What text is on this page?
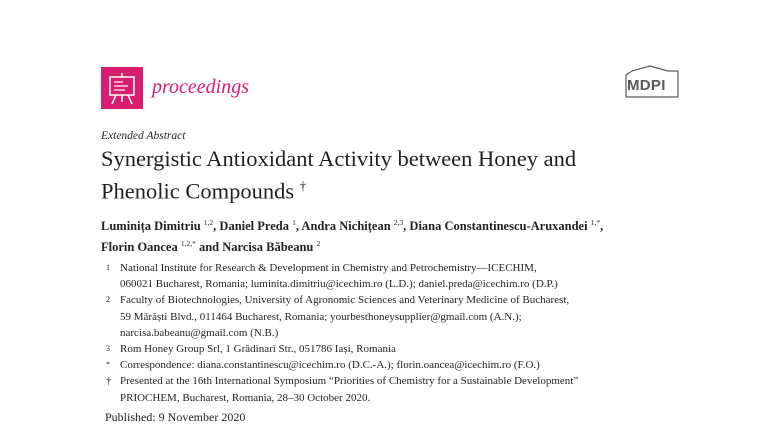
proceedings	MDPI
Extended Abstract
Synergistic Antioxidant Activity between Honey and
Phenolic Compounds †
Luminița Dimitriu $^{1,2}$, Daniel Preda $^1$, Andra Nichițean $^{2,3}$, Diana Constantinescu-Aruxandei $^{1,*}$,
Florin Oancea $^{1,2,*}$ and Narcisa Băbeanu $^2$
1 National Institute for Research & Development in Chemistry and Petrochemistry—ICECHIM,
060021 Bucharest, Romania; luminita.dimitriu@icechim.ro (L.D.); daniel.preda@icechim.ro (D.P.)
2 Faculty of Biotechnologies, University of Agronomic Sciences and Veterinary Medicine of Bucharest,
59 Mărăști Blvd., 011464 Bucharest, Romania; yourbesthoneysupplier@gmail.com (A.N.);
narcisa.babeanu@gmail.com (N.B.)
3 Rom Honey Group Srl, 1 Grădinari Str., 051786 Iași, Romania
* Correspondence: diana.constantinescu@icechim.ro (D.C.-A.); florin.oancea@icechim.ro (F.O.)
† Presented at the 16th International Symposium “Priorities of Chemistry for a Sustainable Development”
PRIOCHEM, Bucharest, Romania, 28–30 October 2020.
Published: 9 November 2020
